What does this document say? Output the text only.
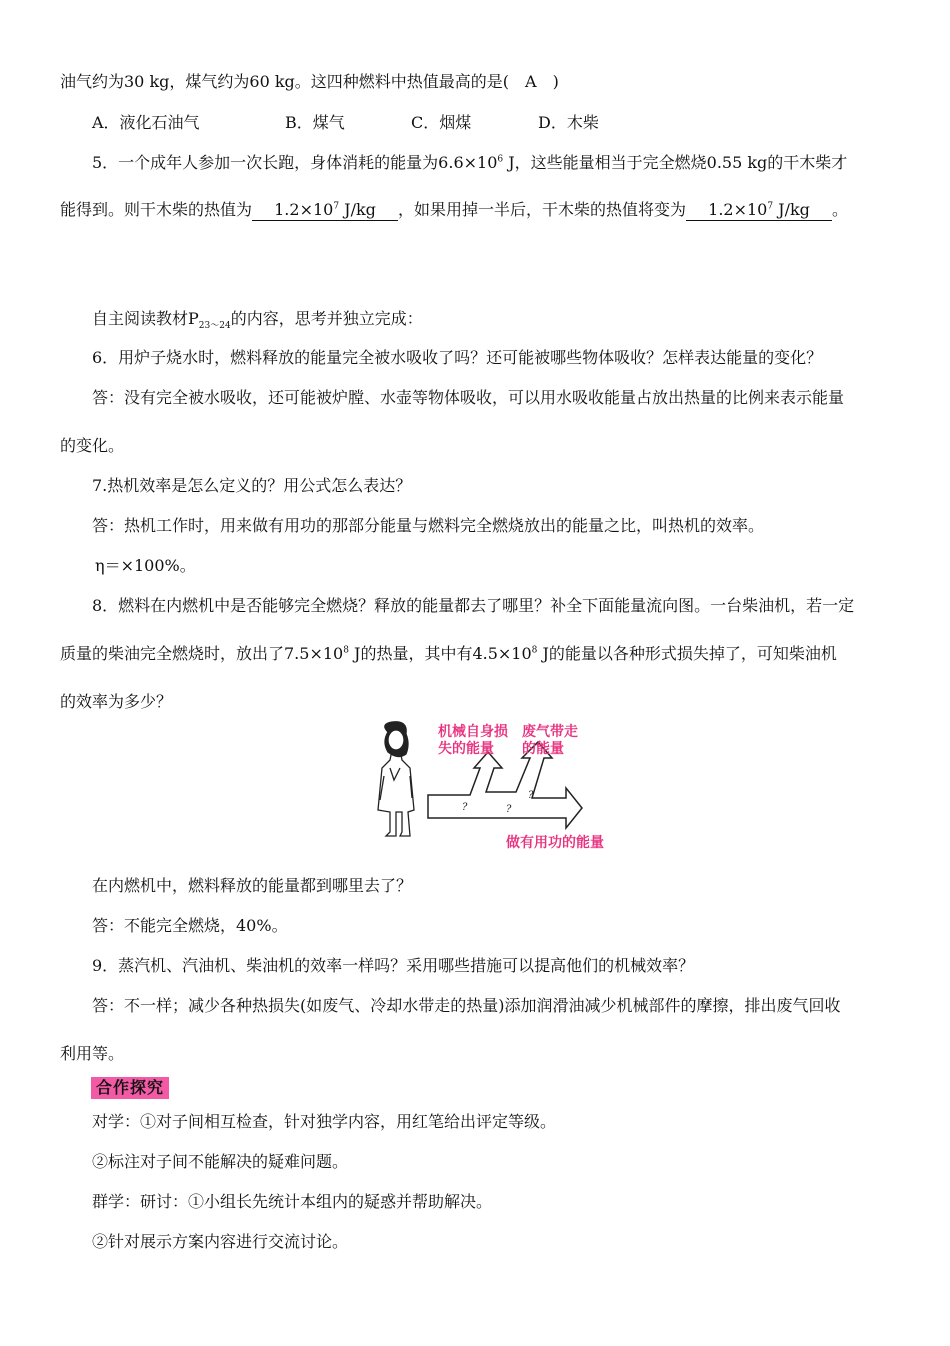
油气约为30 kg，煤气约为60 kg。这四种燃料中热值最高的是(　A　)
A．液化石油气	B．煤气	C．烟煤	D．木柴
5．一个成年人参加一次长跑，身体消耗的能量为$6.6\times 10^6$ J，这些能量相当于完全燃烧0.55 kg的干木柴才
能得到。则干木柴的热值为 $1.2\times 10^7$ J/kg ，如果用掉一半后，干木柴的热值将变为 $1.2\times 10^7$ J/kg 。
自主阅读教材$P_{23\sim 24}$的内容，思考并独立完成：
6．用炉子烧水时，燃料释放的能量完全被水吸收了吗？还可能被哪些物体吸收？怎样表达能量的变化？
答：没有完全被水吸收，还可能被炉膛、水壶等物体吸收，可以用水吸收能量占放出热量的比例来表示能量
的变化。
7.热机效率是怎么定义的？用公式怎么表达？
答：热机工作时，用来做有用功的那部分能量与燃料完全燃烧放出的能量之比，叫热机的效率。
η＝×100%。
8．燃料在内燃机中是否能够完全燃烧？释放的能量都去了哪里？补全下面能量流向图。一台柴油机，若一定
质量的柴油完全燃烧时，放出了$7.5\times 10^8$ J的热量，其中有$4.5\times 10^8$ J的能量以各种形式损失掉了，可知柴油机
的效率为多少？
?
?
?
机械自身损
失的能量
废气带走
的能量
做有用功的能量
在内燃机中，燃料释放的能量都到哪里去了？
答：不能完全燃烧，40%。
9．蒸汽机、汽油机、柴油机的效率一样吗？采用哪些措施可以提高他们的机械效率？
答：不一样；减少各种热损失(如废气、冷却水带走的热量)添加润滑油减少机械部件的摩擦，排出废气回收
利用等。
合作探究
对学：①对子间相互检查，针对独学内容，用红笔给出评定等级。
②标注对子间不能解决的疑难问题。
群学：研讨：①小组长先统计本组内的疑惑并帮助解决。
②针对展示方案内容进行交流讨论。
